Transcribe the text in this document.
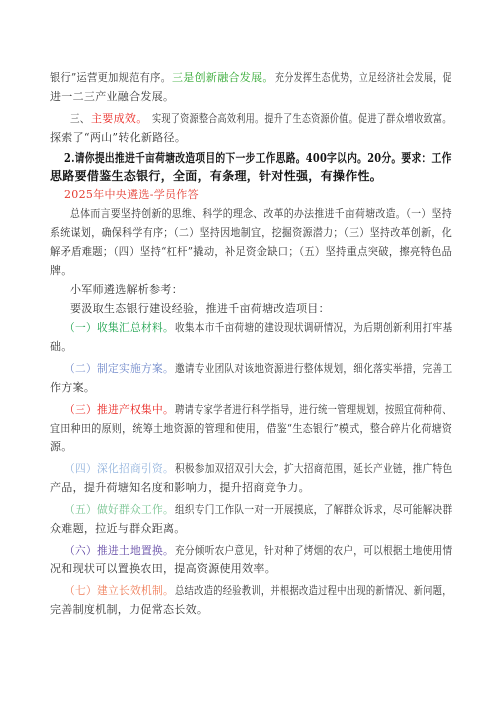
银行”运营更加规范有序。 三是创新融合发展。 充分发挥生态优势，立足经济社会发展，促
进一二三产业融合发展。
三、 主要成效。 实现了资源整合高效利用。提升了生态资源价值。促进了群众增收致富。
探索了“两山”转化新路径。
2.请你提出推进千亩荷塘改造项目的下一步工作思路。400字以内。20分。要求：工作
思路要借鉴生态银行，全面，有条理，针对性强，有操作性。
2025年中央遴选-学员作答
总体而言要坚持创新的思维、科学的理念、改革的办法推进千亩荷塘改造。（一）坚持
系统谋划，确保科学有序；（二）坚持因地制宜，挖掘资源潜力；（三）坚持改革创新，化
解矛盾难题；（四）坚持“杠杆”撬动，补足资金缺口；（五）坚持重点突破，擦亮特色品
牌。
小军师遴选解析参考：
要汲取生态银行建设经验，推进千亩荷塘改造项目：
（一）收集汇总材料。 收集本市千亩荷塘的建设现状调研情况，为后期创新利用打牢基
础。
（二）制定实施方案。 邀请专业团队对该地资源进行整体规划，细化落实举措，完善工
作方案。
（三）推进产权集中。 聘请专家学者进行科学指导，进行统一管理规划，按照宜荷种荷、
宜田种田的原则，统筹土地资源的管理和使用，借鉴“生态银行”模式，整合碎片化荷塘资
源。
（四）深化招商引资。 积极参加双招双引大会，扩大招商范围，延长产业链，推广特色
产品，提升荷塘知名度和影响力，提升招商竞争力。
（五）做好群众工作。 组织专门工作队一对一开展摸底，了解群众诉求，尽可能解决群
众难题，拉近与群众距离。
（六）推进土地置换。 充分倾听农户意见，针对种了烤烟的农户，可以根据土地使用情
况和现状可以置换农田，提高资源使用效率。
（七）建立长效机制。 总结改造的经验教训，并根据改造过程中出现的新情况、新问题，
完善制度机制，力促常态长效。
